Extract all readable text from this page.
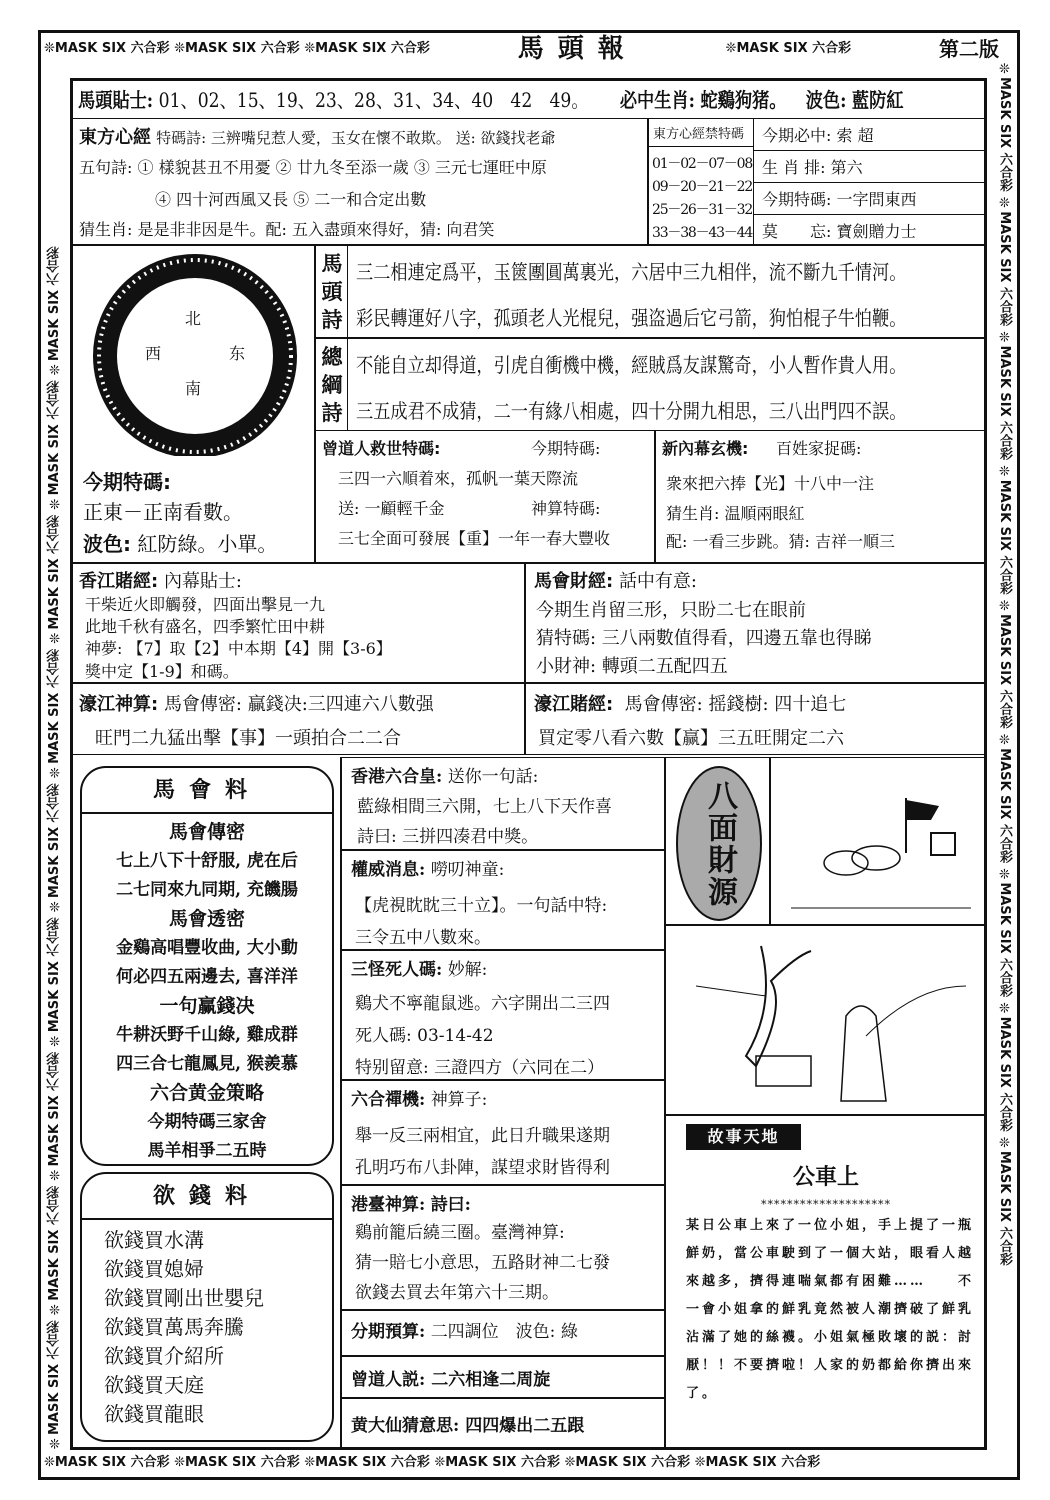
❊MASK SIX 六合彩 ❊MASK SIX 六合彩 ❊MASK SIX 六合彩	馬頭報	❊MASK SIX 六合彩	第二版
❊MASK SIX 六合彩 ❊MASK SIX 六合彩 ❊MASK SIX 六合彩 ❊MASK SIX 六合彩 ❊MASK SIX 六合彩 ❊MASK SIX 六合彩
❊MASK SIX 六合彩 ❊MASK SIX 六合彩 ❊MASK SIX 六合彩 ❊MASK SIX 六合彩 ❊MASK SIX 六合彩 ❊MASK SIX 六合彩 ❊MASK SIX 六合彩 ❊MASK SIX 六合彩 ❊MASK SIX 六合彩	❊MASK SIX 六合彩 ❊MASK SIX 六合彩 ❊MASK SIX 六合彩 ❊MASK SIX 六合彩 ❊MASK SIX 六合彩 ❊MASK SIX 六合彩 ❊MASK SIX 六合彩 ❊MASK SIX 六合彩 ❊MASK SIX 六合彩
馬頭貼士: 01、02、15、19、23、28、31、34、40　42　49。 必中生肖: 蛇鷄狗猪。 波色: 藍防紅
東方心經 特碼詩: 三辨嘴兒惹人愛，玉女在懷不敢欺。 送: 欲錢找老爺
五句詩: ① 樣貌甚丑不用憂 ② 廿九冬至添一歲 ③ 三元七運旺中原
④ 四十河西風又長 ⑤ 二一和合定出數
猜生肖: 是是非非因是牛。配: 五入盡頭來得好，猜: 向君笑
東方心經禁特碼
01－02－07－08
09－20－21－22
25－26－31－32
33－38－43－44
今期必中:
索 超
生 肖 排:
第六
今期特碼:
一字問東西
莫　　忘:
寶劍贈力士
北
西	东
南
今期特碼:
正東－正南看數。
波色: 紅防綠。小單。
馬
頭
詩
三二相連定爲平，玉篋團圓萬裏光，六居中三九相伴，流不斷九千情河。
彩民轉運好八字，孤頭老人光棍兒，强盗過后它弓箭，狗怕棍子牛怕鞭。
總
綱
詩
不能自立却得道，引虎自衝機中機，經賊爲友謀驚奇，小人暫作貴人用。
三五成君不成猜，二一有緣八相處，四十分開九相思，三八出門四不誤。
曾道人救世特碼:	今期特碼:
三四一六順着來，孤帆一葉天際流
送: 一顧輕千金	神算特碼:
三七全面可發展【重】一年一春大豐收
新內幕玄機: 百姓家捉碼:
衆來把六捧【光】十八中一注
猜生肖: 温順兩眼紅
配: 一看三步跳。猜: 吉祥一順三
香江賭經: 內幕貼士:
干柴近火即觸發，四面出擊見一九
此地千秋有盛名，四季繁忙田中耕
神夢: 【7】取【2】中本期【4】開【3-6】
獎中定【1-9】和碼。
馬會財經: 話中有意:
今期生肖留三形，只盼二七在眼前
猜特碼: 三八兩數值得看，四邊五靠也得睇
小財神: 轉頭二五配四五
濠江神算: 馬會傳密: 贏錢决:三四連六八數强
旺門二九猛出擊【事】一頭拍合二二合
濠江賭經: 馬會傳密: 摇錢樹: 四十追七
買定零八看六數【赢】三五旺開定二六
馬會料
馬會傳密
七上八下十舒服, 虎在后
二七同來九同期, 充饑腸
馬會透密
金鷄高唱豐收曲, 大小動
何必四五兩邊去, 喜洋洋
一句赢錢决
牛耕沃野千山綠, 雞成群
四三合七龍鳳見, 猴羨慕
六合黄金策略
今期特碼三家舍
馬羊相爭二五時
欲錢料
欲錢買水溝
欲錢買媳婦
欲錢買剛出世嬰兒
欲錢買萬馬奔騰
欲錢買介紹所
欲錢買天庭
欲錢買龍眼
香港六合皇: 送你一句話:
藍綠相間三六開，七上八下天作喜
詩曰: 三拼四凑君中獎。
權威消息: 嘮叨神童:
【虎視眈眈三十立】。一句話中特:
三令五中八數來。
三怪死人碼: 妙解:
鷄犬不寧龍鼠逃。六字開出二三四
死人碼: 03-14-42
特别留意: 三證四方（六同在二）
六合禪機: 神算子:
舉一反三兩相宜，此日升職果遂期
孔明巧布八卦陣，謀望求財皆得利
港臺神算: 詩曰:
鷄前籠后繞三圈。臺灣神算:
猜一賠七小意思，五路財神二七發
欲錢去買去年第六十三期。
分期預算: 二四調位　波色: 綠
曾道人説: 二六相逢二周旋
黄大仙猜意思: 四四爆出二五跟
八面財源
故事天地
公車上
********************
某日公車上來了一位小姐，手上提了一瓶鮮奶，當公車駛到了一個大站，眼看人越來越多，擠得連喘氣都有困難……　　不一會小姐拿的鮮乳竟然被人潮擠破了鮮乳沾滿了她的絲襪。小姐氣極敗壞的説：討厭！！不要擠啦！人家的奶都給你擠出來了。
